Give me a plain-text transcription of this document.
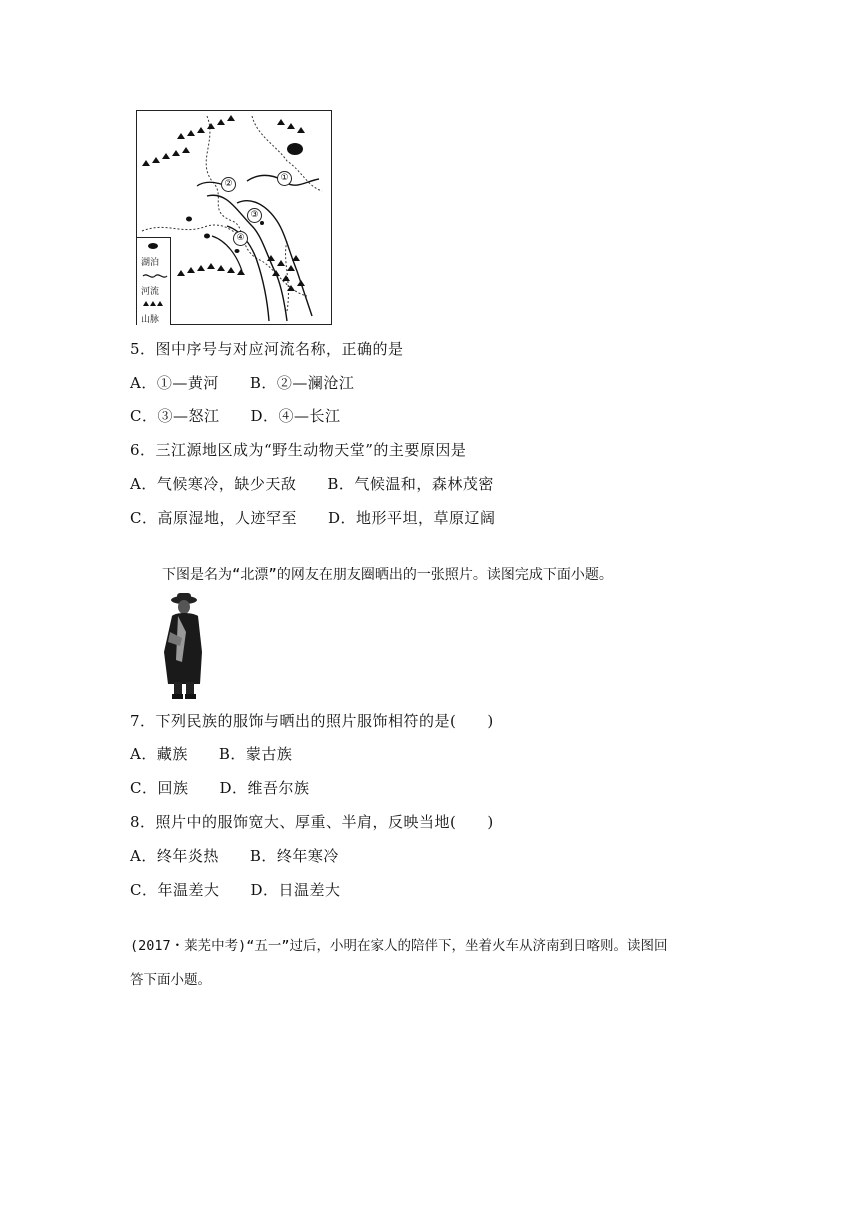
①
②
③
④
湖泊
河流
山脉
5．图中序号与对应河流名称，正确的是
A．①—黄河　　B．②—澜沧江
C．③—怒江　　D．④—长江
6．三江源地区成为“野生动物天堂”的主要原因是
A．气候寒冷，缺少天敌　　B．气候温和，森林茂密
C．高原湿地，人迹罕至　　D．地形平坦，草原辽阔
下图是名为“北漂”的网友在朋友圈晒出的一张照片。读图完成下面小题。
7．下列民族的服饰与晒出的照片服饰相符的是(　　)
A．藏族　　B．蒙古族
C．回族　　D．维吾尔族
8．照片中的服饰宽大、厚重、半肩，反映当地(　　)
A．终年炎热　　B．终年寒冷
C．年温差大　　D．日温差大
(2017・莱芜中考)“五一”过后，小明在家人的陪伴下，坐着火车从济南到日喀则。读图回
答下面小题。
